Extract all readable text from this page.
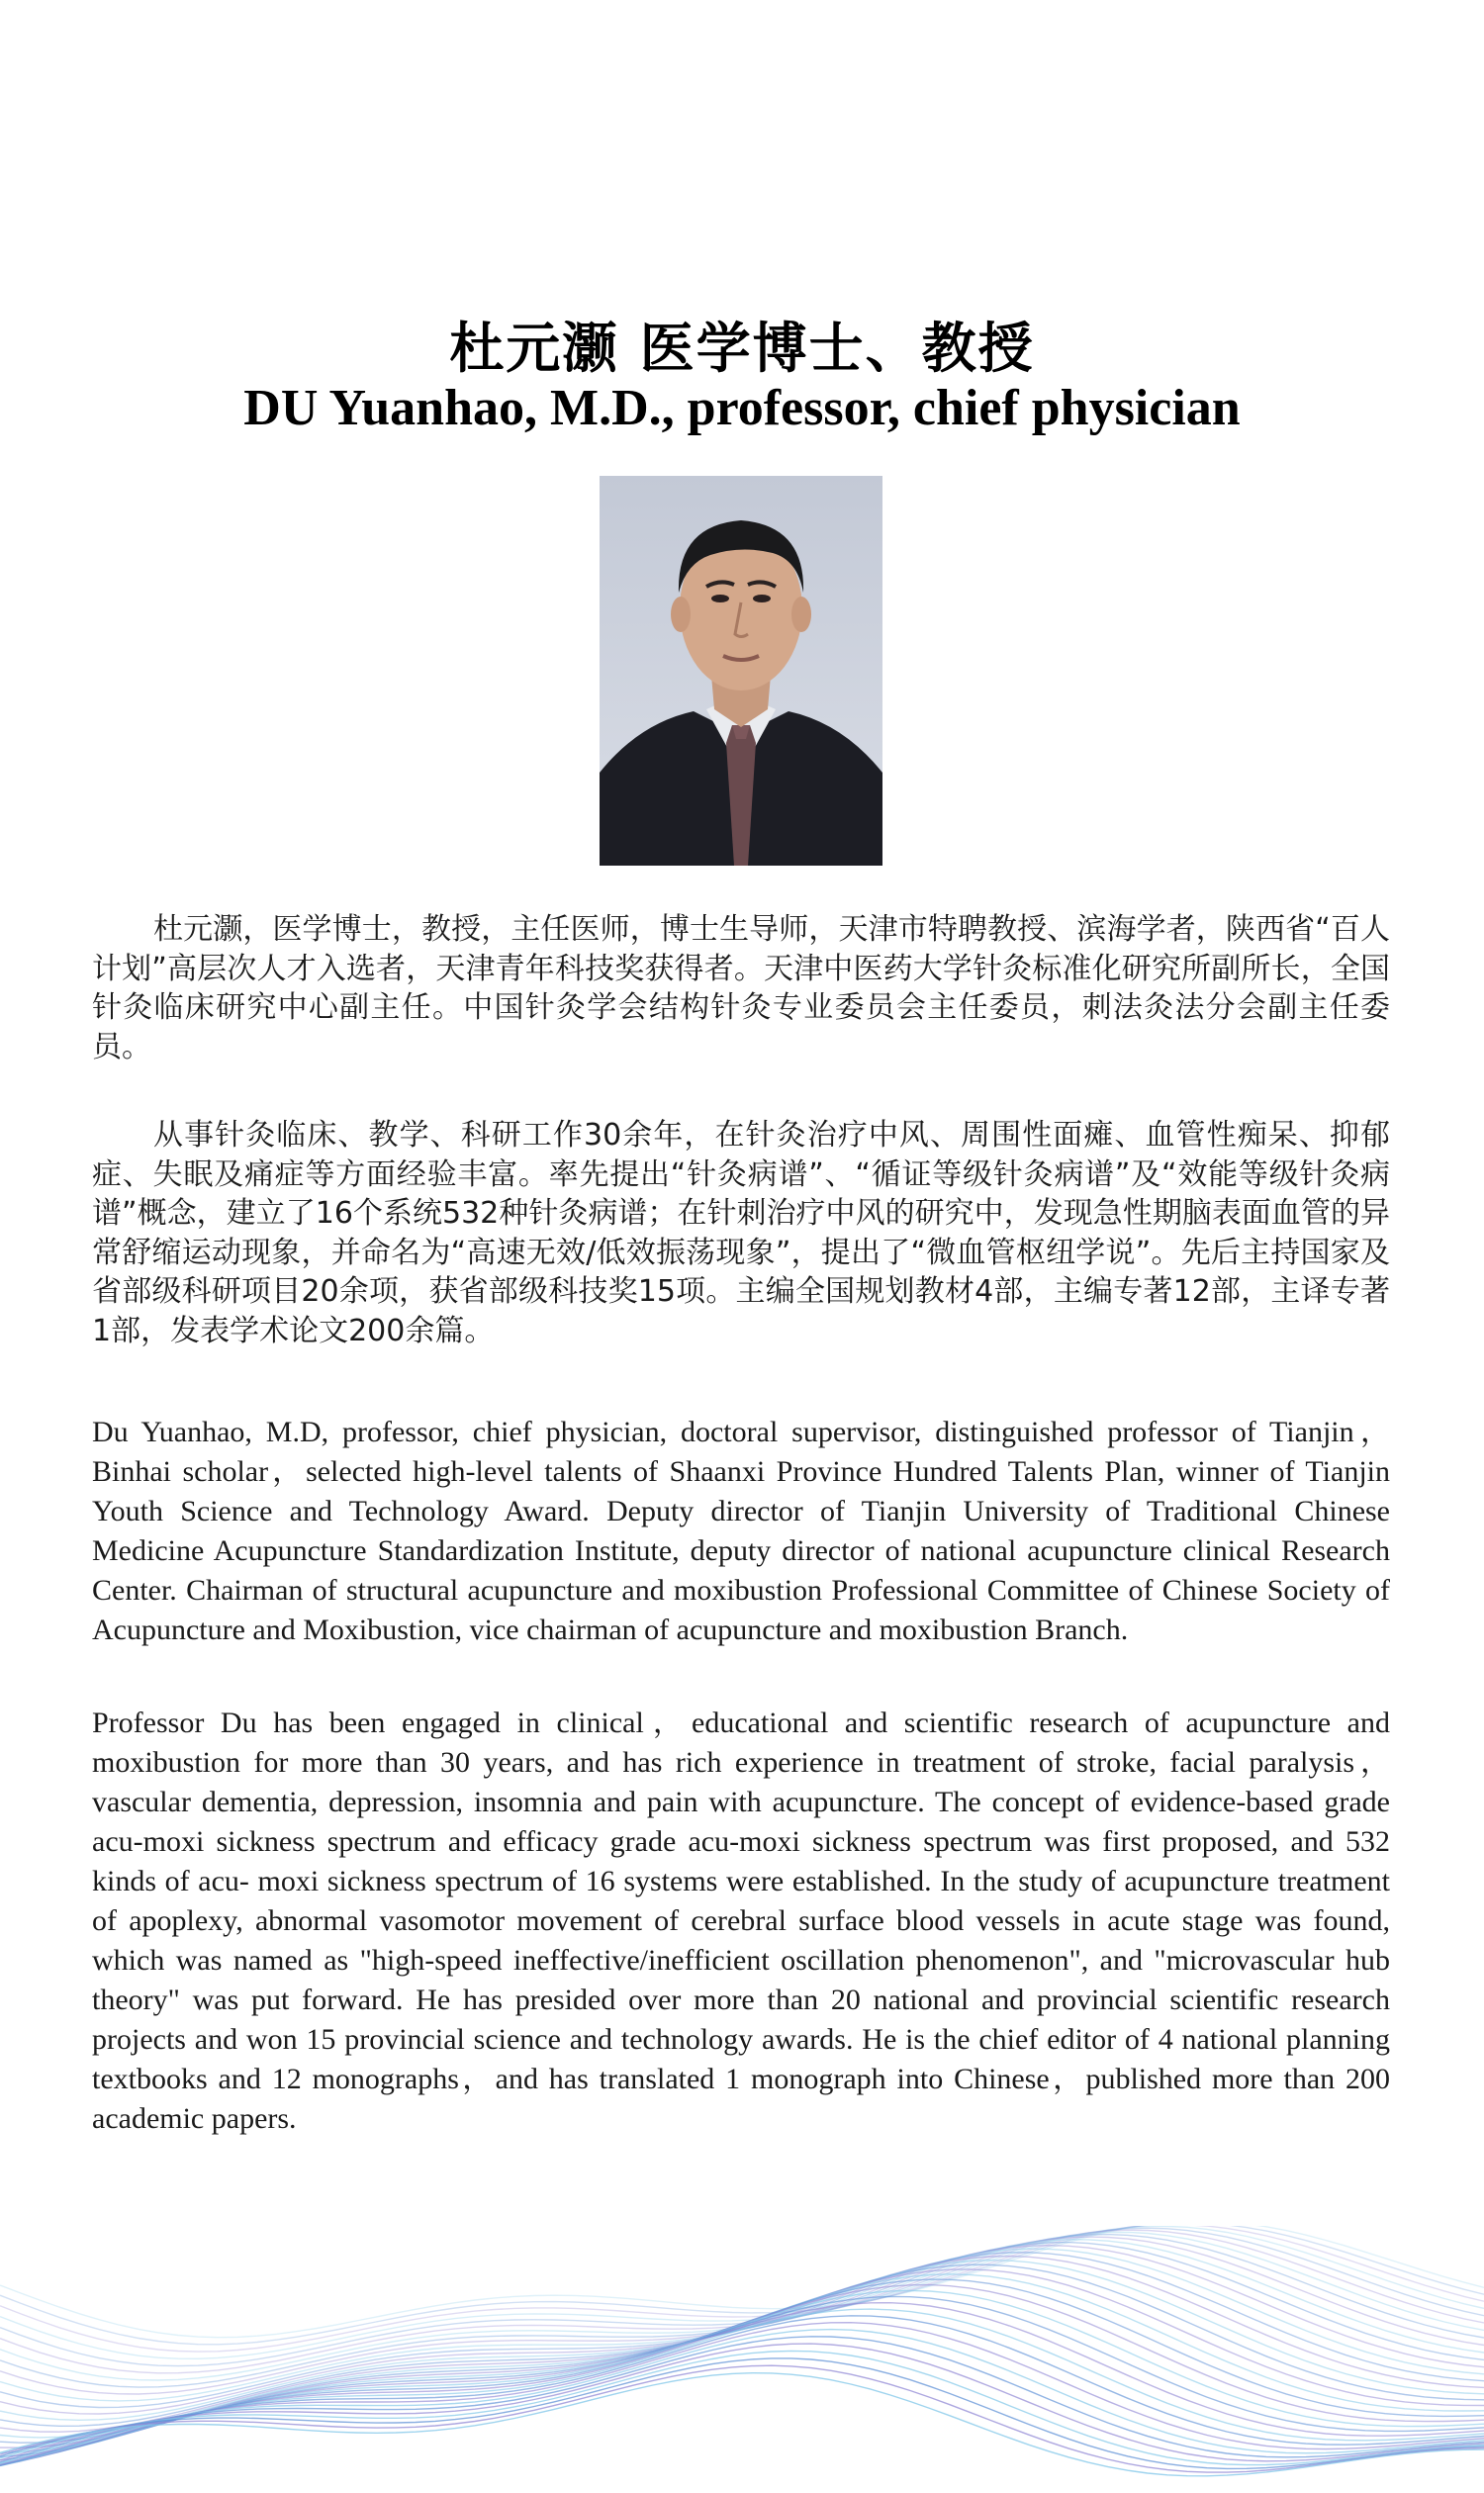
杜元灏 医学博士、教授
DU Yuanhao, M.D., professor, chief physician

杜元灏，医学博士，教授，主任医师，博士生导师，天津市特聘教授、滨海学者，陕西省“百人计划”高层次人才入选者，天津青年科技奖获得者。天津中医药大学针灸标准化研究所副所长，全国针灸临床研究中心副主任。中国针灸学会结构针灸专业委员会主任委员，刺法灸法分会副主任委员。

从事针灸临床、教学、科研工作30余年，在针灸治疗中风、周围性面瘫、血管性痴呆、抑郁症、失眠及痛症等方面经验丰富。率先提出“针灸病谱”、“循证等级针灸病谱”及“效能等级针灸病谱”概念，建立了16个系统532种针灸病谱；在针刺治疗中风的研究中，发现急性期脑表面血管的异常舒缩运动现象，并命名为“高速无效/低效振荡现象”，提出了“微血管枢纽学说”。先后主持国家及省部级科研项目20余项，获省部级科技奖15项。主编全国规划教材4部，主编专著12部，主译专著1部，发表学术论文200余篇。

Du Yuanhao, M.D, professor, chief physician, doctoral supervisor, distinguished professor of Tianjin，Binhai scholar，selected high-level talents of Shaanxi Province Hundred Talents Plan, winner of Tianjin Youth Science and Technology Award. Deputy director of Tianjin University of Traditional Chinese Medicine Acupuncture Standardization Institute, deputy director of national acupuncture clinical Research Center. Chairman of structural acupuncture and moxibustion Professional Committee of Chinese Society of Acupuncture and Moxibustion, vice chairman of acupuncture and moxibustion Branch.

Professor Du has been engaged in clinical，educational and scientific research of acupuncture and moxibustion for more than 30 years, and has rich experience in treatment of stroke, facial paralysis，vascular dementia, depression, insomnia and pain with acupuncture. The concept of evidence-based grade acu-moxi sickness spectrum and efficacy grade acu-moxi sickness spectrum was first proposed, and 532 kinds of acu- moxi sickness spectrum of 16 systems were established. In the study of acupuncture treatment of apoplexy, abnormal vasomotor movement of cerebral surface blood vessels in acute stage was found, which was named as "high-speed ineffective/inefficient oscillation phenomenon", and "microvascular hub theory" was put forward. He has presided over more than 20 national and provincial scientific research projects and won 15 provincial science and technology awards. He is the chief editor of 4 national planning textbooks and 12 monographs，and has translated 1 monograph into Chinese，published more than 200 academic papers.
